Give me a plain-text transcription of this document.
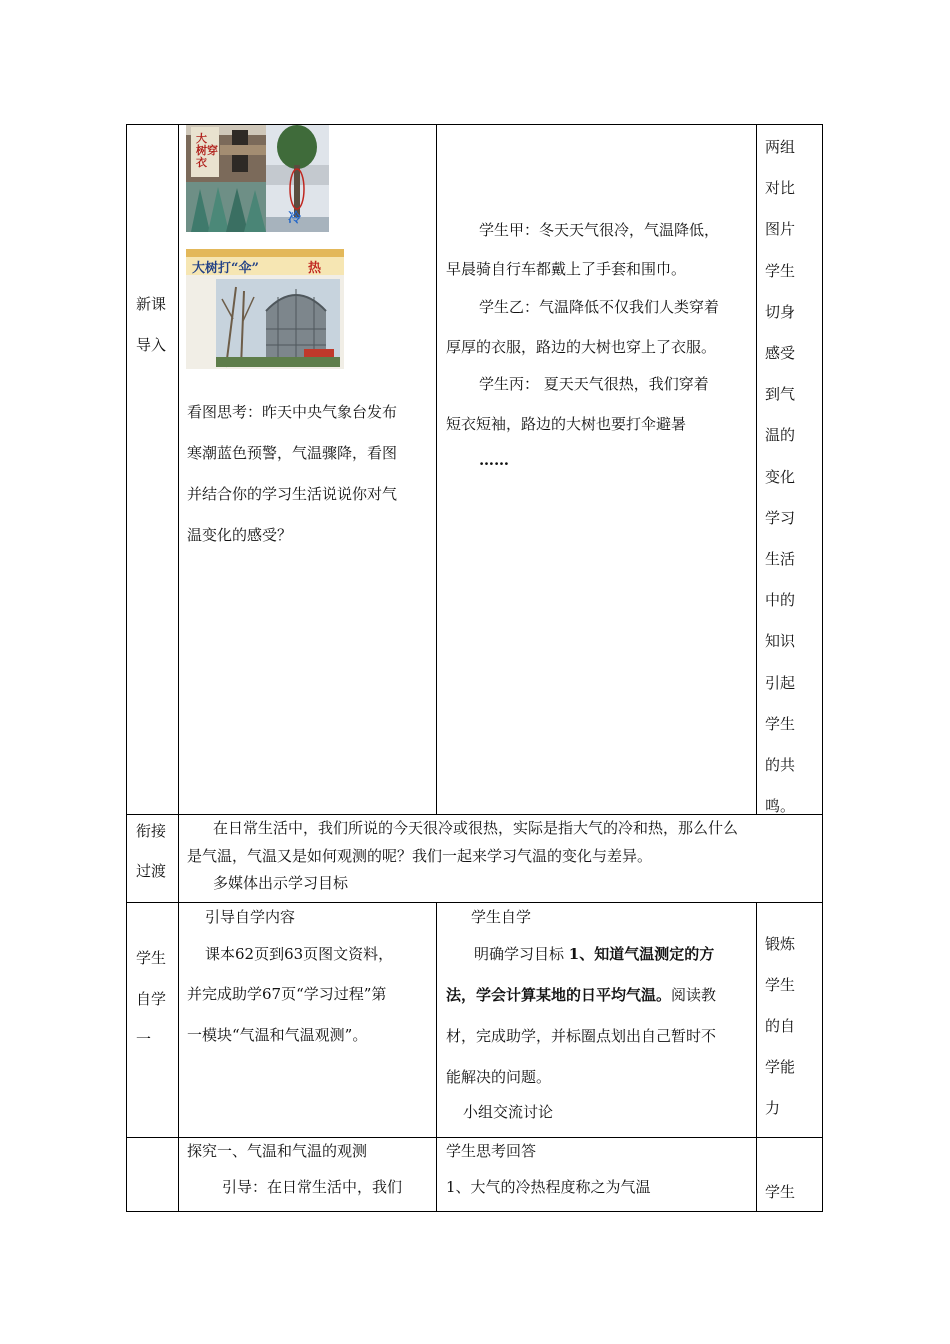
新课
导入
大
树穿
衣
冷
大树打“伞”	热
看图思考：昨天中央气象台发布
寒潮蓝色预警，气温骤降，看图
并结合你的学习生活说说你对气
温变化的感受？
学生甲：冬天天气很冷，气温降低，
早晨骑自行车都戴上了手套和围巾。
学生乙：气温降低不仅我们人类穿着
厚厚的衣服，路边的大树也穿上了衣服。
学生丙： 夏天天气很热，我们穿着
短衣短袖，路边的大树也要打伞避暑
……
两组
对比
图片
学生
切身
感受
到气
温的
变化
学习
生活
中的
知识
引起
学生
的共
鸣。
衔接
过渡
在日常生活中，我们所说的今天很冷或很热，实际是指大气的冷和热，那么什么
是气温，气温又是如何观测的呢？我们一起来学习气温的变化与差异。
多媒体出示学习目标
学生
自学
一
引导自学内容
课本62页到63页图文资料，
并完成助学67页“学习过程”第
一模块“气温和气温观测”。
学生自学
明确学习目标 1、知道气温测定的方
法，学会计算某地的日平均气温。阅读教
材，完成助学，并标圈点划出自己暂时不
能解决的问题。
小组交流讨论
锻炼
学生
的自
学能
力
探究一、气温和气温的观测
引导：在日常生活中，我们
学生思考回答
1、大气的冷热程度称之为气温	学生
